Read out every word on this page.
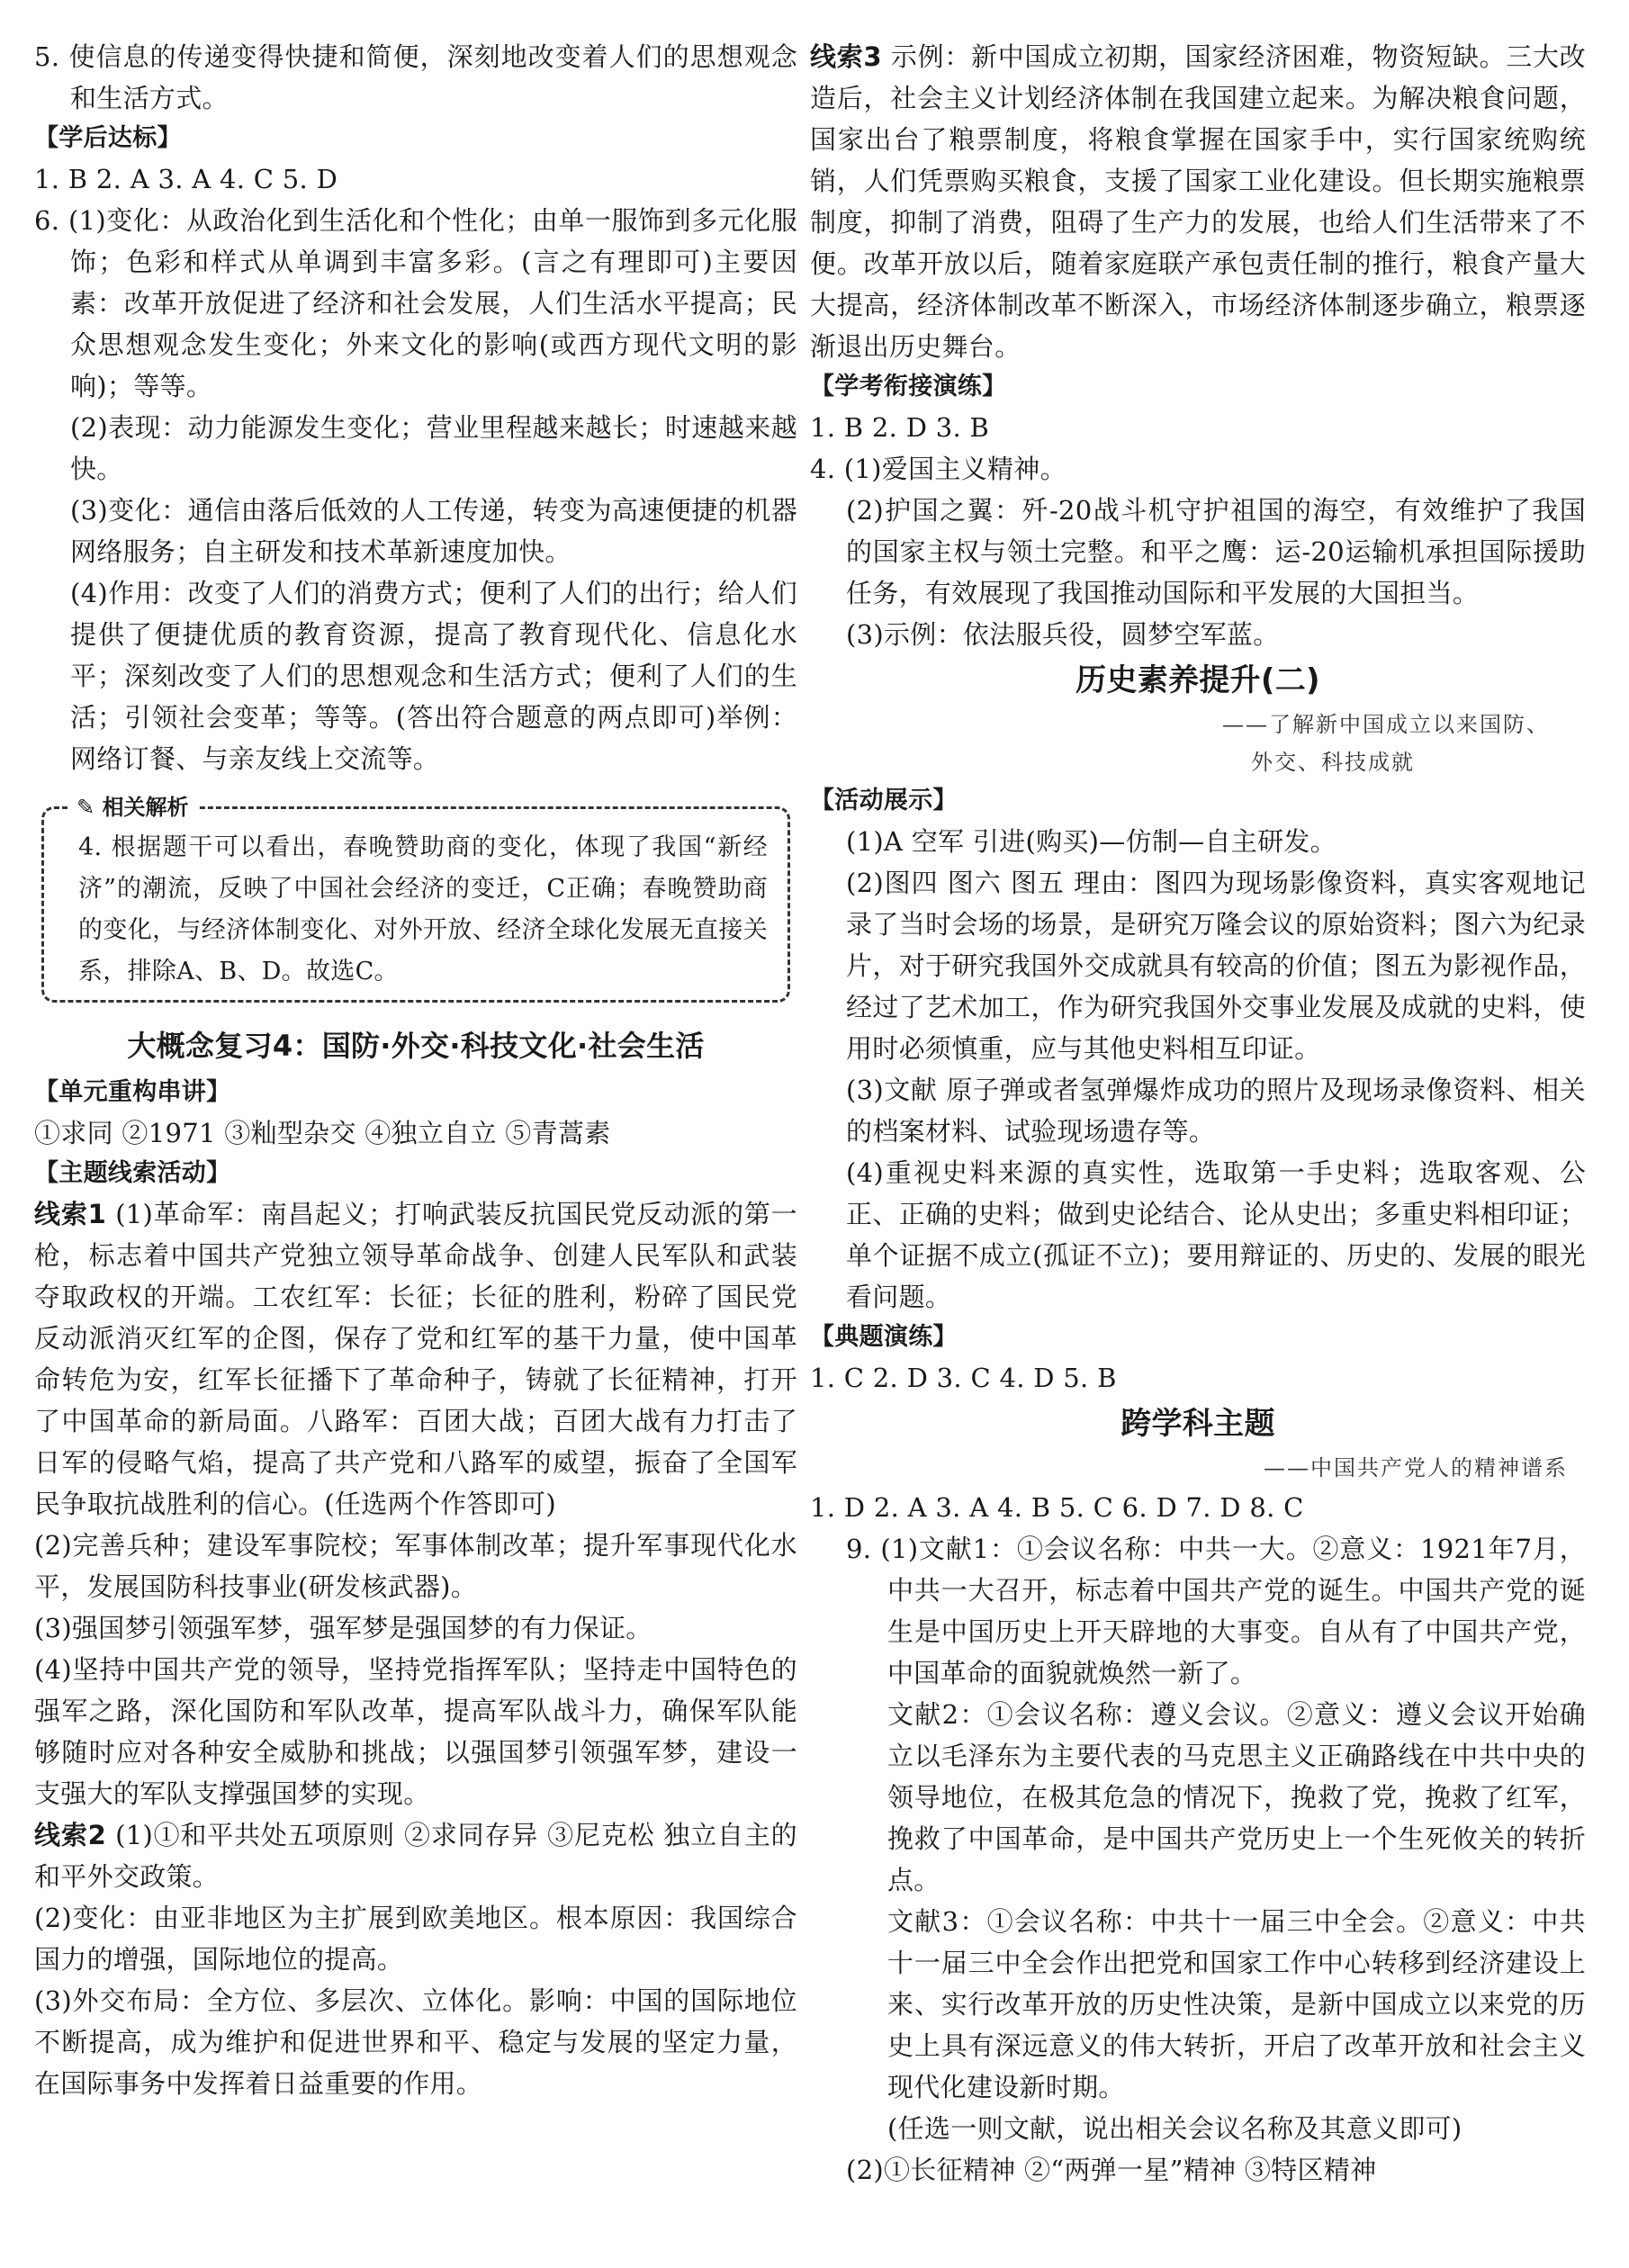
5. 使信息的传递变得快捷和简便，深刻地改变着人们的思想观念和生活方式。

【学后达标】

1. B 2. A 3. A 4. C 5. D

6. (1)变化：从政治化到生活化和个性化；由单一服饰到多元化服饰；色彩和样式从单调到丰富多彩。(言之有理即可)主要因素：改革开放促进了经济和社会发展，人们生活水平提高；民众思想观念发生变化；外来文化的影响(或西方现代文明的影响)；等等。

(2)表现：动力能源发生变化；营业里程越来越长；时速越来越快。

(3)变化：通信由落后低效的人工传递，转变为高速便捷的机器网络服务；自主研发和技术革新速度加快。

(4)作用：改变了人们的消费方式；便利了人们的出行；给人们提供了便捷优质的教育资源，提高了教育现代化、信息化水平；深刻改变了人们的思想观念和生活方式；便利了人们的生活；引领社会变革；等等。(答出符合题意的两点即可)举例：网络订餐、与亲友线上交流等。

✎ 相关解析

4. 根据题干可以看出，春晚赞助商的变化，体现了我国“新经济”的潮流，反映了中国社会经济的变迁，C正确；春晚赞助商的变化，与经济体制变化、对外开放、经济全球化发展无直接关系，排除A、B、D。故选C。

大概念复习4：国防·外交·科技文化·社会生活

【单元重构串讲】

①求同 ②1971 ③籼型杂交 ④独立自立 ⑤青蒿素

【主题线索活动】

线索1 (1)革命军：南昌起义；打响武装反抗国民党反动派的第一枪，标志着中国共产党独立领导革命战争、创建人民军队和武装夺取政权的开端。工农红军：长征；长征的胜利，粉碎了国民党反动派消灭红军的企图，保存了党和红军的基干力量，使中国革命转危为安，红军长征播下了革命种子，铸就了长征精神，打开了中国革命的新局面。八路军：百团大战；百团大战有力打击了日军的侵略气焰，提高了共产党和八路军的威望，振奋了全国军民争取抗战胜利的信心。(任选两个作答即可)

(2)完善兵种；建设军事院校；军事体制改革；提升军事现代化水平，发展国防科技事业(研发核武器)。

(3)强国梦引领强军梦，强军梦是强国梦的有力保证。

(4)坚持中国共产党的领导，坚持党指挥军队；坚持走中国特色的强军之路，深化国防和军队改革，提高军队战斗力，确保军队能够随时应对各种安全威胁和挑战；以强国梦引领强军梦，建设一支强大的军队支撑强国梦的实现。

线索2 (1)①和平共处五项原则 ②求同存异 ③尼克松 独立自主的和平外交政策。

(2)变化：由亚非地区为主扩展到欧美地区。根本原因：我国综合国力的增强，国际地位的提高。

(3)外交布局：全方位、多层次、立体化。影响：中国的国际地位不断提高，成为维护和促进世界和平、稳定与发展的坚定力量，在国际事务中发挥着日益重要的作用。

线索3 示例：新中国成立初期，国家经济困难，物资短缺。三大改造后，社会主义计划经济体制在我国建立起来。为解决粮食问题，国家出台了粮票制度，将粮食掌握在国家手中，实行国家统购统销，人们凭票购买粮食，支援了国家工业化建设。但长期实施粮票制度，抑制了消费，阻碍了生产力的发展，也给人们生活带来了不便。改革开放以后，随着家庭联产承包责任制的推行，粮食产量大大提高，经济体制改革不断深入，市场经济体制逐步确立，粮票逐渐退出历史舞台。

【学考衔接演练】

1. B 2. D 3. B

4. (1)爱国主义精神。

(2)护国之翼：歼-20战斗机守护祖国的海空，有效维护了我国的国家主权与领土完整。和平之鹰：运-20运输机承担国际援助任务，有效展现了我国推动国际和平发展的大国担当。

(3)示例：依法服兵役，圆梦空军蓝。

历史素养提升(二)

——了解新中国成立以来国防、

外交、科技成就

【活动展示】

(1)A 空军 引进(购买)—仿制—自主研发。

(2)图四 图六 图五 理由：图四为现场影像资料，真实客观地记录了当时会场的场景，是研究万隆会议的原始资料；图六为纪录片，对于研究我国外交成就具有较高的价值；图五为影视作品，经过了艺术加工，作为研究我国外交事业发展及成就的史料，使用时必须慎重，应与其他史料相互印证。

(3)文献 原子弹或者氢弹爆炸成功的照片及现场录像资料、相关的档案材料、试验现场遗存等。

(4)重视史料来源的真实性，选取第一手史料；选取客观、公正、正确的史料；做到史论结合、论从史出；多重史料相印证；单个证据不成立(孤证不立)；要用辩证的、历史的、发展的眼光看问题。

【典题演练】

1. C 2. D 3. C 4. D 5. B

跨学科主题

——中国共产党人的精神谱系

1. D 2. A 3. A 4. B 5. C 6. D 7. D 8. C

9. (1)文献1：①会议名称：中共一大。②意义：1921年7月，中共一大召开，标志着中国共产党的诞生。中国共产党的诞生是中国历史上开天辟地的大事变。自从有了中国共产党，中国革命的面貌就焕然一新了。

文献2：①会议名称：遵义会议。②意义：遵义会议开始确立以毛泽东为主要代表的马克思主义正确路线在中共中央的领导地位，在极其危急的情况下，挽救了党，挽救了红军，挽救了中国革命，是中国共产党历史上一个生死攸关的转折点。

文献3：①会议名称：中共十一届三中全会。②意义：中共十一届三中全会作出把党和国家工作中心转移到经济建设上来、实行改革开放的历史性决策，是新中国成立以来党的历史上具有深远意义的伟大转折，开启了改革开放和社会主义现代化建设新时期。

(任选一则文献，说出相关会议名称及其意义即可)

(2)①长征精神 ②“两弹一星”精神 ③特区精神
